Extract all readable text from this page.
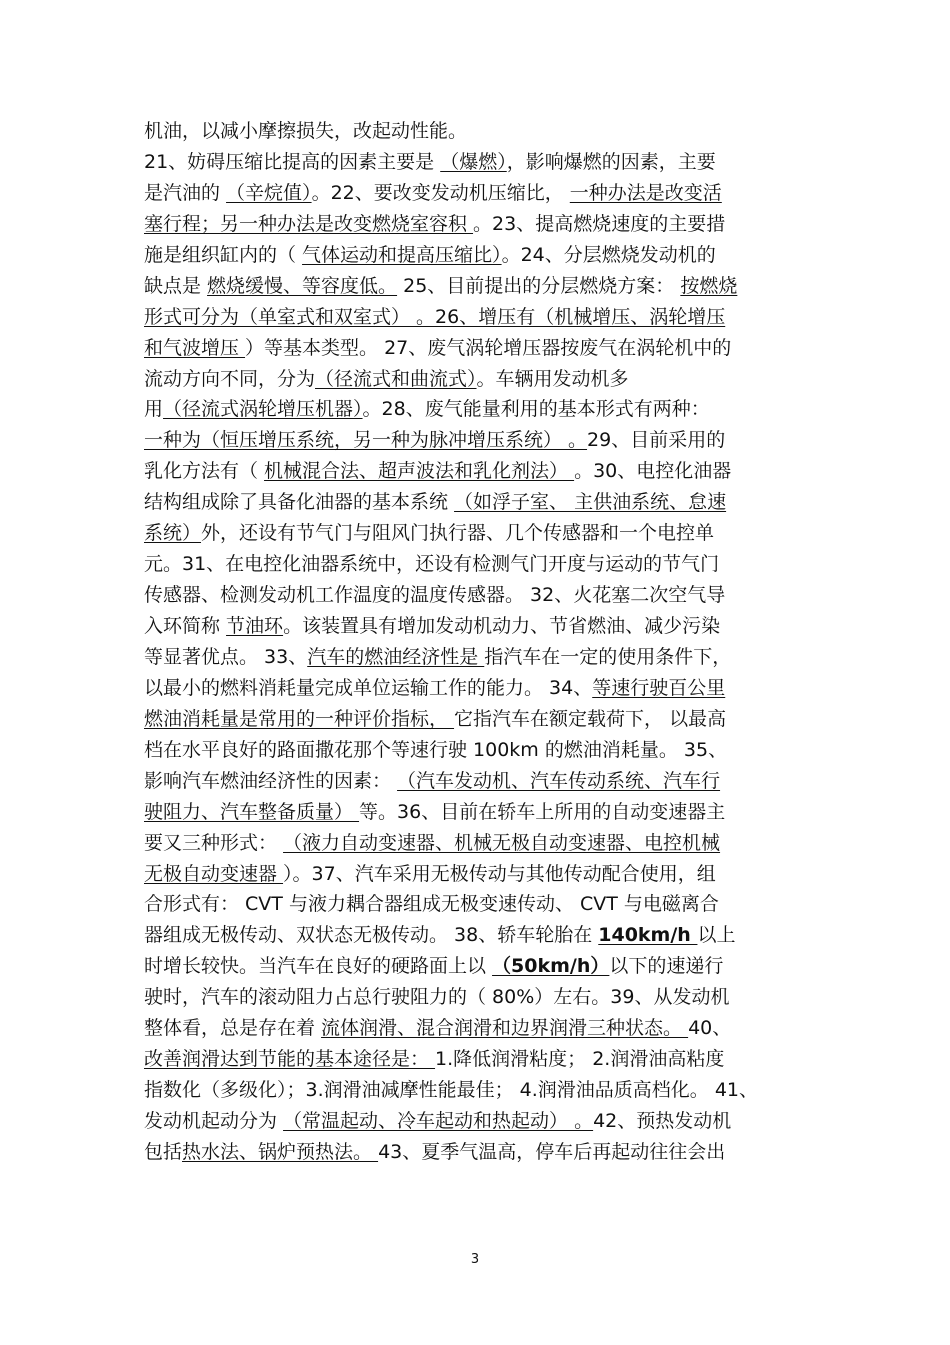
机油，以减小摩擦损失，改起动性能。
21、妨碍压缩比提高的因素主要是 （爆燃），影响爆燃的因素，主要
是汽油的 （辛烷值）。22、要改变发动机压缩比， 一种办法是改变活
塞行程；另一种办法是改变燃烧室容积 。23、提高燃烧速度的主要措
施是组织缸内的（ 气体运动和提高压缩比）。24、分层燃烧发动机的
缺点是 燃烧缓慢、等容度低。 25、目前提出的分层燃烧方案： 按燃烧
形式可分为（单室式和双室式） 。26、增压有（机械增压、涡轮增压
和气波增压 ）等基本类型。 27、废气涡轮增压器按废气在涡轮机中的
流动方向不同，分为（径流式和曲流式）。车辆用发动机多
用（径流式涡轮增压机器）。28、废气能量利用的基本形式有两种：
一种为（恒压增压系统，另一种为脉冲增压系统） 。29、目前采用的
乳化方法有（ 机械混合法、超声波法和乳化剂法） 。30、电控化油器
结构组成除了具备化油器的基本系统 （如浮子室、 主供油系统、怠速
系统）外，还设有节气门与阻风门执行器、几个传感器和一个电控单
元。31、在电控化油器系统中，还设有检测气门开度与运动的节气门
传感器、检测发动机工作温度的温度传感器。 32、火花塞二次空气导
入环简称 节油环。该装置具有增加发动机动力、节省燃油、减少污染
等显著优点。 33、汽车的燃油经济性是 指汽车在一定的使用条件下，
以最小的燃料消耗量完成单位运输工作的能力。 34、等速行驶百公里
燃油消耗量是常用的一种评价指标， 它指汽车在额定载荷下， 以最高
档在水平良好的路面撒花那个等速行驶 100km 的燃油消耗量。 35、
影响汽车燃油经济性的因素： （汽车发动机、汽车传动系统、汽车行
驶阻力、汽车整备质量） 等。36、目前在轿车上所用的自动变速器主
要又三种形式： （液力自动变速器、机械无极自动变速器、电控机械
无极自动变速器 ）。37、汽车采用无极传动与其他传动配合使用，组
合形式有： CVT 与液力耦合器组成无极变速传动、 CVT 与电磁离合
器组成无极传动、双状态无极传动。 38、轿车轮胎在 140km/h 以上
时增长较快。当汽车在良好的硬路面上以 （50km/h）以下的速递行
驶时，汽车的滚动阻力占总行驶阻力的（ 80%）左右。39、从发动机
整体看，总是存在着 流体润滑、混合润滑和边界润滑三种状态。 40、
改善润滑达到节能的基本途径是： 1.降低润滑粘度； 2.润滑油高粘度
指数化（多级化）；3.润滑油减摩性能最佳； 4.润滑油品质高档化。 41、
发动机起动分为 （常温起动、冷车起动和热起动） 。42、预热发动机
包括热水法、锅炉预热法。 43、夏季气温高，停车后再起动往往会出
3
